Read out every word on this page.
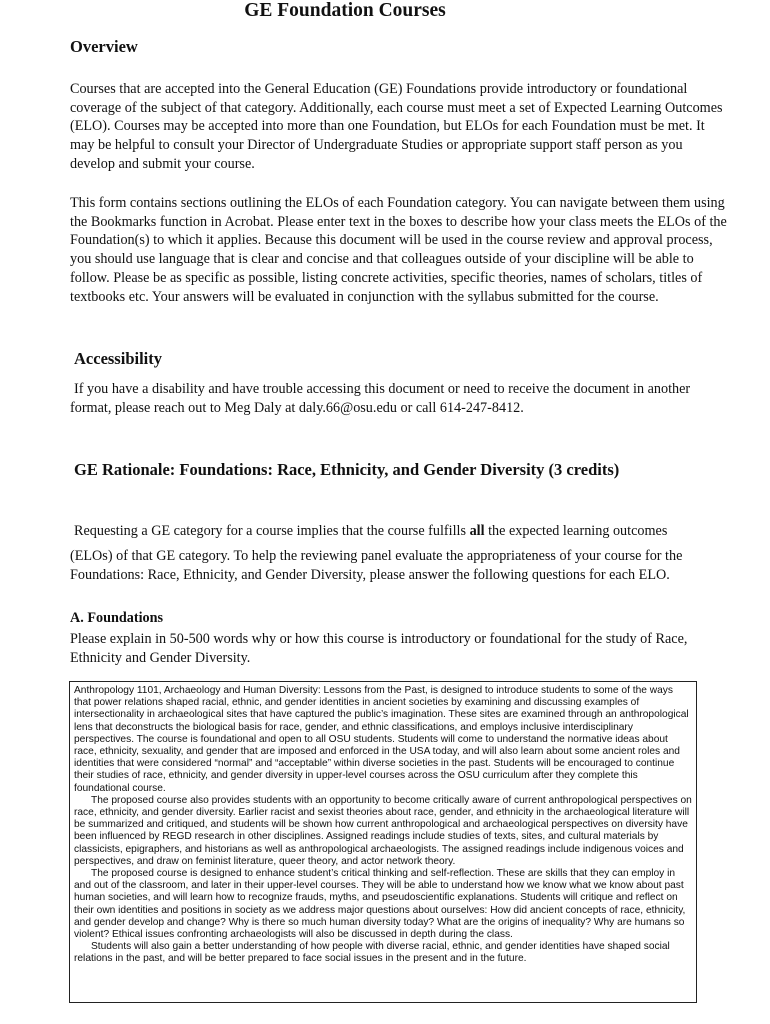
GE Foundation Courses
Overview
Courses that are accepted into the General Education (GE) Foundations provide introductory or foundational coverage of the subject of that category. Additionally, each course must meet a set of Expected Learning Outcomes (ELO). Courses may be accepted into more than one Foundation, but ELOs for each Foundation must be met. It may be helpful to consult your Director of Undergraduate Studies or appropriate support staff person as you develop and submit your course.
This form contains sections outlining the ELOs of each Foundation category. You can navigate between them using the Bookmarks function in Acrobat. Please enter text in the boxes to describe how your class meets the ELOs of the Foundation(s) to which it applies. Because this document will be used in the course review and approval process, you should use language that is clear and concise and that colleagues outside of your discipline will be able to follow. Please be as specific as possible, listing concrete activities, specific theories, names of scholars, titles of textbooks etc. Your answers will be evaluated in conjunction with the syllabus submitted for the course.
Accessibility
If you have a disability and have trouble accessing this document or need to receive the document in another format, please reach out to Meg Daly at daly.66@osu.edu or call 614-247-8412.
GE Rationale: Foundations: Race, Ethnicity, and Gender Diversity (3 credits)
Requesting a GE category for a course implies that the course fulfills all the expected learning outcomes
(ELOs) of that GE category. To help the reviewing panel evaluate the appropriateness of your course for the
Foundations: Race, Ethnicity, and Gender Diversity, please answer the following questions for each ELO.
A. Foundations
Please explain in 50-500 words why or how this course is introductory or foundational for the study of Race, Ethnicity and Gender Diversity.

Anthropology 1101, Archaeology and Human Diversity: Lessons from the Past, is designed to introduce students to some of the ways that power relations shaped racial, ethnic, and gender identities in ancient societies by examining and discussing examples of intersectionality in archaeological sites that have captured the public’s imagination. These sites are examined through an anthropological lens that deconstructs the biological basis for race, gender, and ethnic classifications, and employs inclusive interdisciplinary perspectives. The course is foundational and open to all OSU students. Students will come to understand the normative ideas about race, ethnicity, sexuality, and gender that are imposed and enforced in the USA today, and will also learn about some ancient roles and identities that were considered “normal” and “acceptable” within diverse societies in the past. Students will be encouraged to continue their studies of race, ethnicity, and gender diversity in upper-level courses across the OSU curriculum after they complete this foundational course.

The proposed course also provides students with an opportunity to become critically aware of current anthropological perspectives on race, ethnicity, and gender diversity. Earlier racist and sexist theories about race, gender, and ethnicity in the archaeological literature will be summarized and critiqued, and students will be shown how current anthropological and archaeological perspectives on diversity have been influenced by REGD research in other disciplines. Assigned readings include studies of texts, sites, and cultural materials by classicists, epigraphers, and historians as well as anthropological archaeologists. The assigned readings include indigenous voices and perspectives, and draw on feminist literature, queer theory, and actor network theory.

The proposed course is designed to enhance student’s critical thinking and self-reflection. These are skills that they can employ in and out of the classroom, and later in their upper-level courses. They will be able to understand how we know what we know about past human societies, and will learn how to recognize frauds, myths, and pseudoscientific explanations. Students will critique and reflect on their own identities and positions in society as we address major questions about ourselves: How did ancient concepts of race, ethnicity, and gender develop and change? Why is there so much human diversity today? What are the origins of inequality? Why are humans so violent? Ethical issues confronting archaeologists will also be discussed in depth during the class.

Students will also gain a better understanding of how people with diverse racial, ethnic, and gender identities have shaped social relations in the past, and will be better prepared to face social issues in the present and in the future.
